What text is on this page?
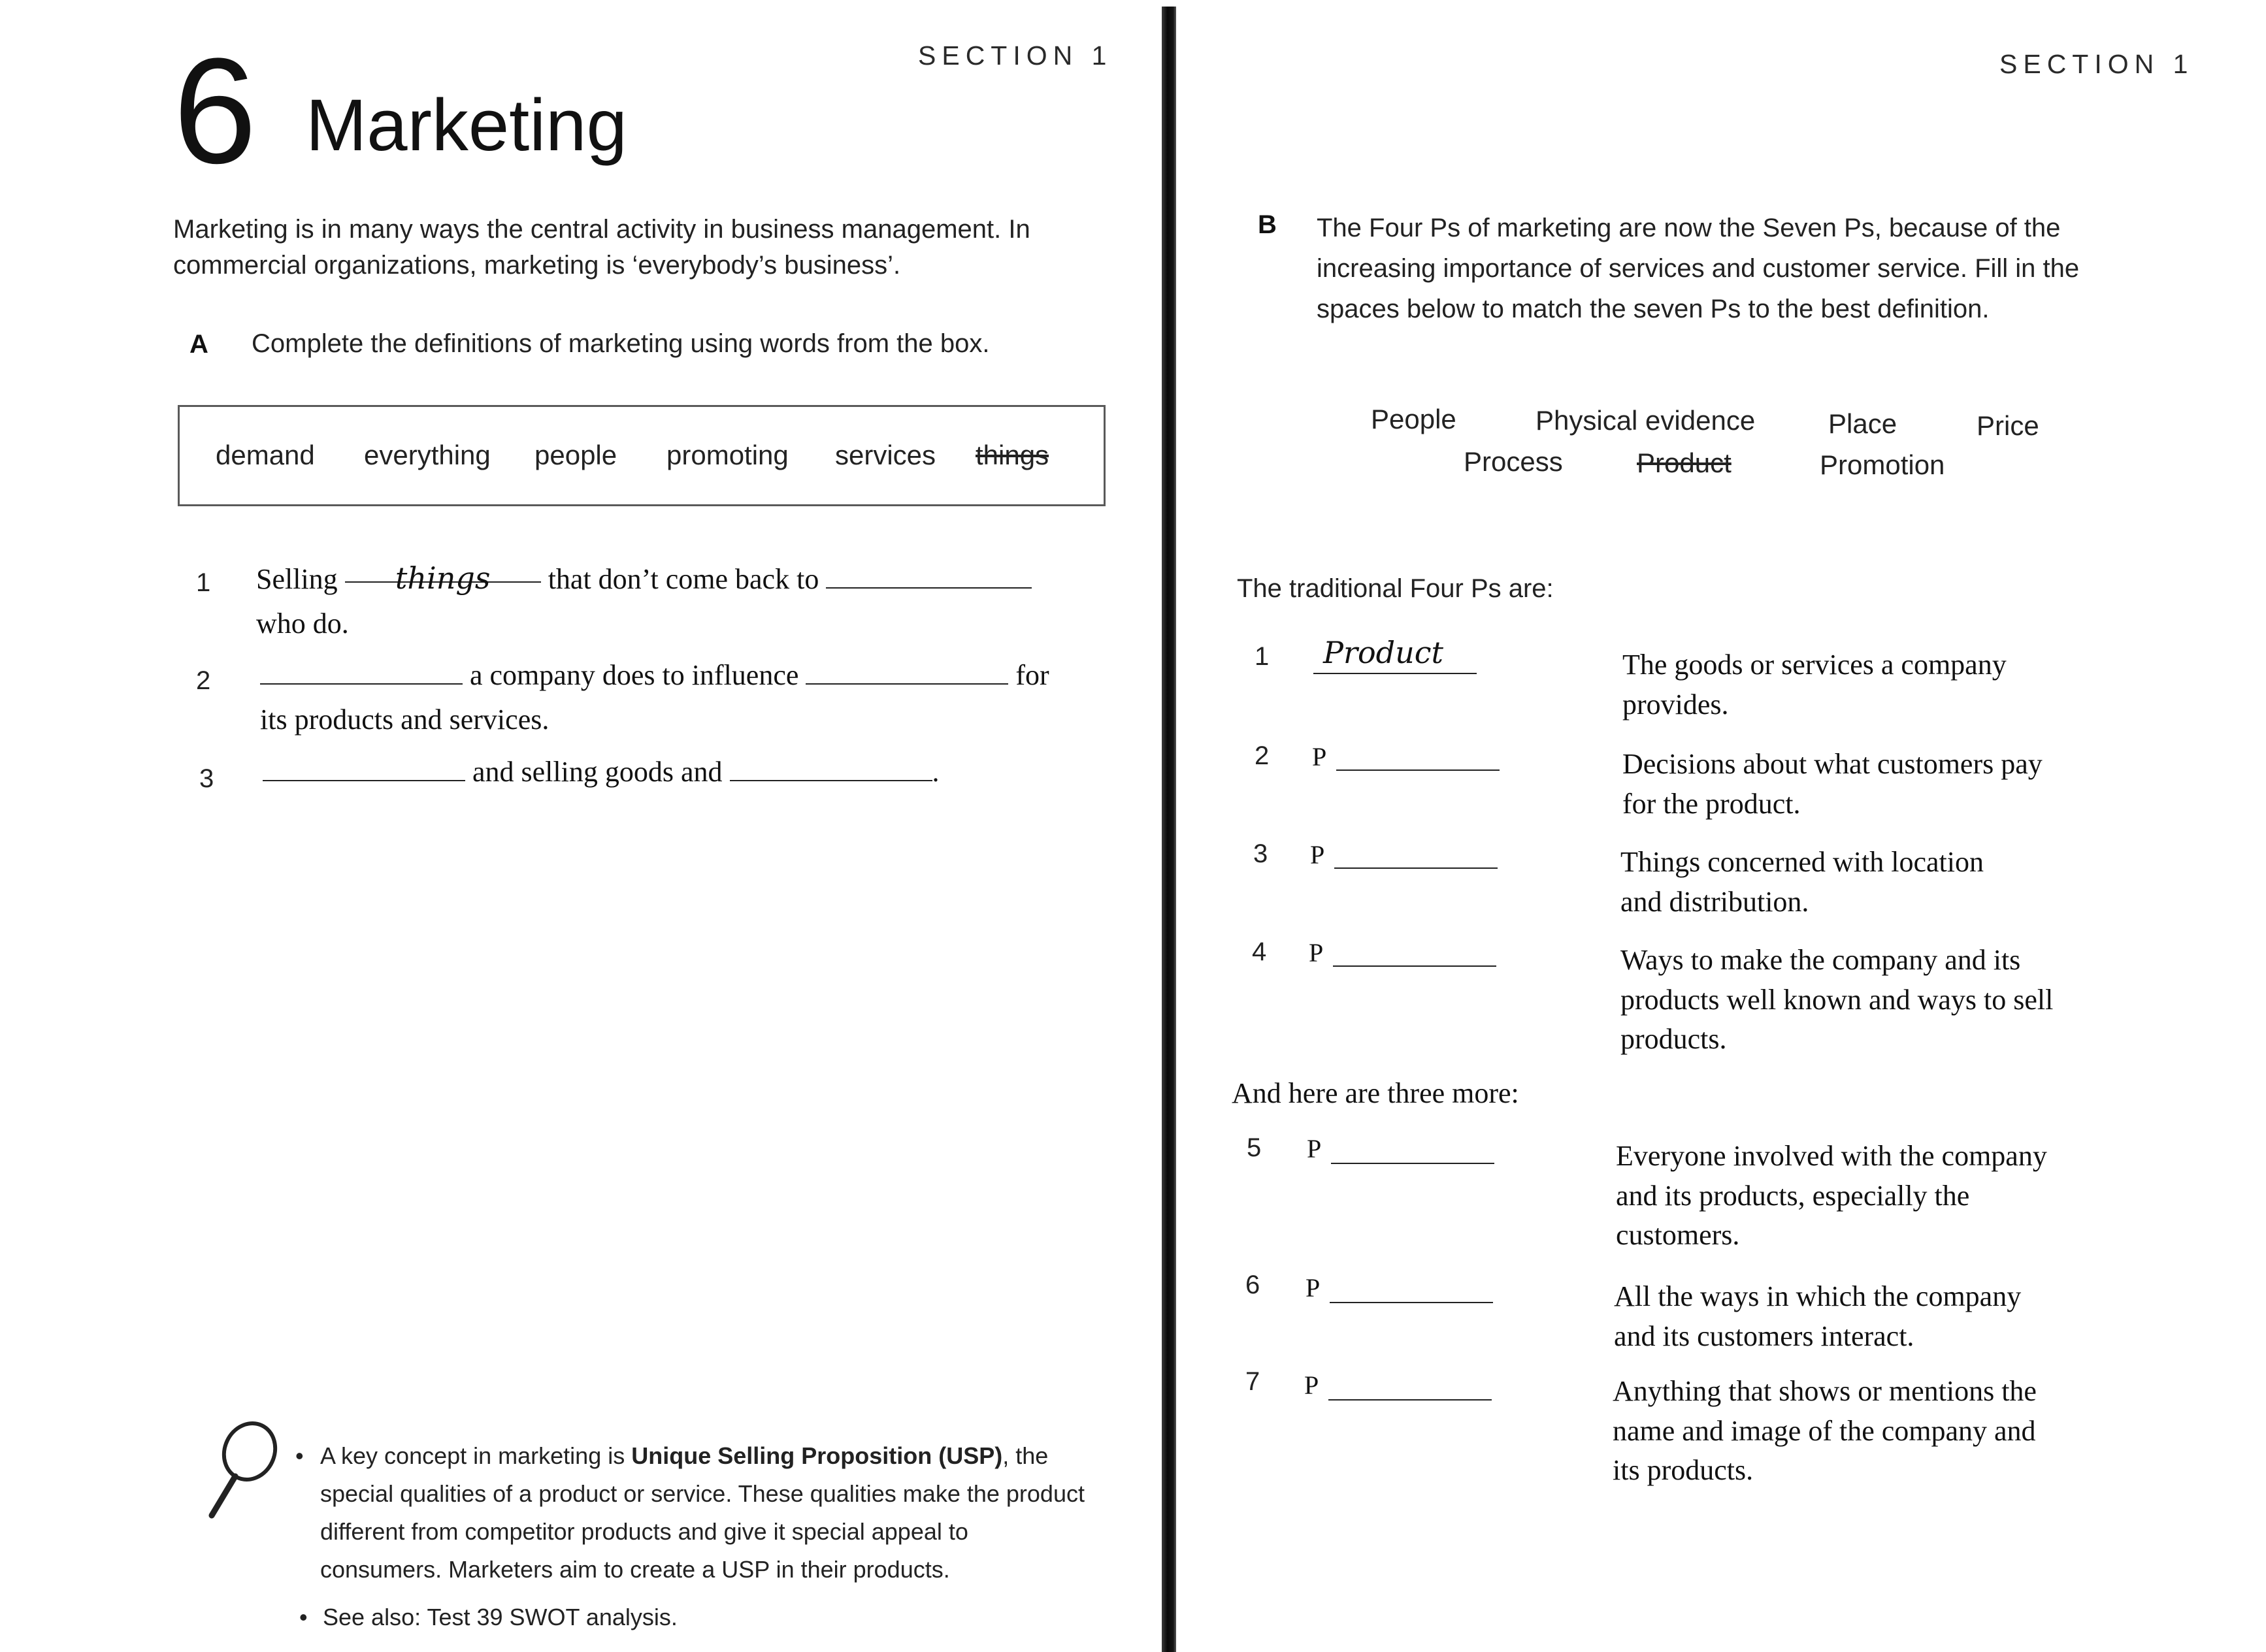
SECTION 1
6 Marketing
Marketing is in many ways the central activity in business management. In
commercial organizations, marketing is ‘everybody’s business’.
A Complete the definitions of marketing using words from the box.
demand everything people promoting services things
1 Selling things that don’t come back to
who do.
2	a company does to influence	for
its products and services.
3	and selling goods and	.
• A key concept in marketing is Unique Selling Proposition (USP), the
special qualities of a product or service. These qualities make the product
different from competitor products and give it special appeal to
consumers. Marketers aim to create a USP in their products.
• See also: Test 39 SWOT analysis.
SECTION 1
B The Four Ps of marketing are now the Seven Ps, because of the
increasing importance of services and customer service. Fill in the
spaces below to match the seven Ps to the best definition.
People	Physical evidence	Place	Price
Process	Product	Promotion
The traditional Four Ps are:
1 Product	The goods or services a company
provides.
2 P	Decisions about what customers pay
for the product.
3 P	Things concerned with location
and distribution.
4 P	Ways to make the company and its
products well known and ways to sell
products.
And here are three more:
5 P	Everyone involved with the company
and its products, especially the
customers.
6 P	All the ways in which the company
and its customers interact.
7 P	Anything that shows or mentions the
name and image of the company and
its products.
